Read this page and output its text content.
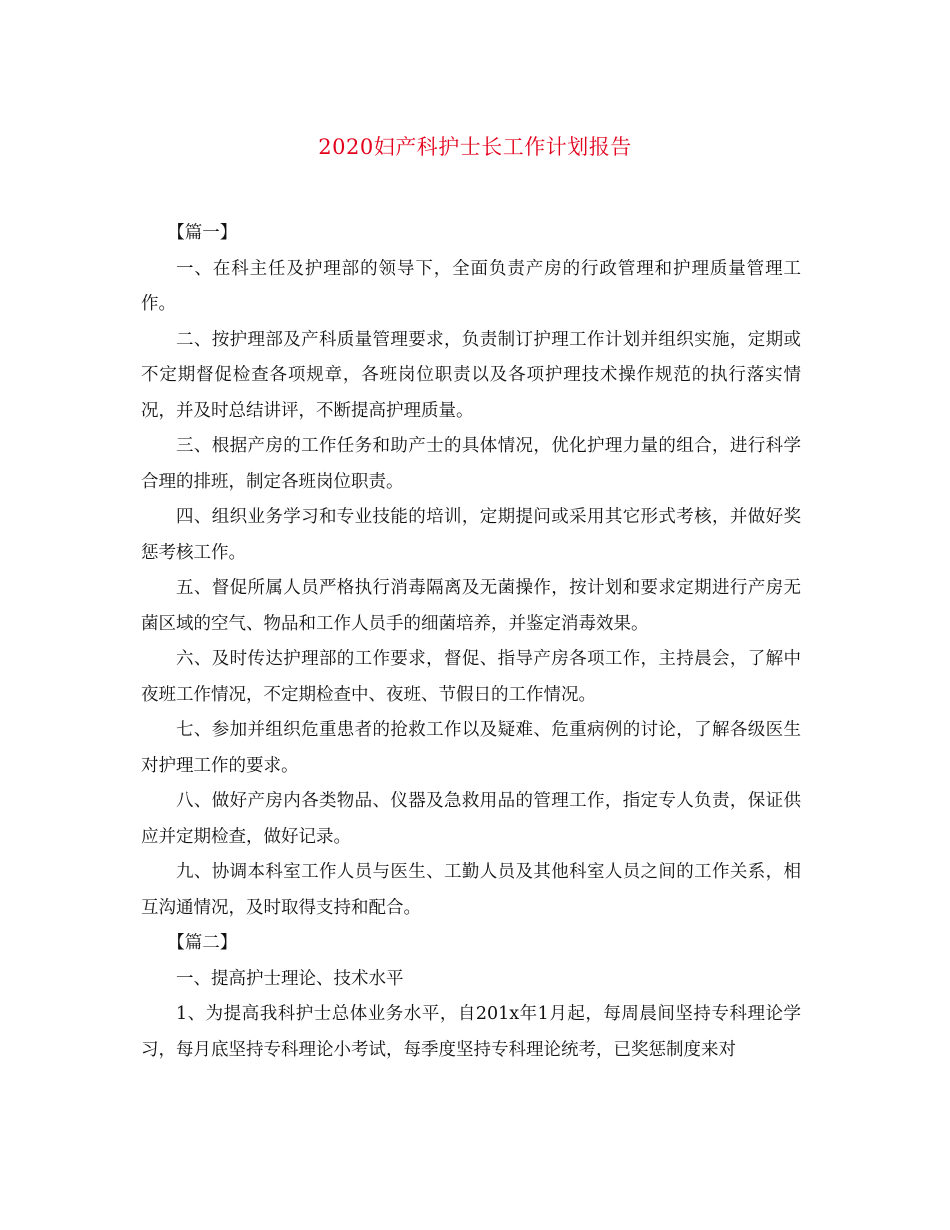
2020妇产科护士长工作计划报告

【篇一】

一、在科主任及护理部的领导下，全面负责产房的行政管理和护理质量管理工作。

二、按护理部及产科质量管理要求，负责制订护理工作计划并组织实施，定期或不定期督促检查各项规章，各班岗位职责以及各项护理技术操作规范的执行落实情况，并及时总结讲评，不断提高护理质量。

三、根据产房的工作任务和助产士的具体情况，优化护理力量的组合，进行科学合理的排班，制定各班岗位职责。

四、组织业务学习和专业技能的培训，定期提问或采用其它形式考核，并做好奖惩考核工作。

五、督促所属人员严格执行消毒隔离及无菌操作，按计划和要求定期进行产房无菌区域的空气、物品和工作人员手的细菌培养，并鉴定消毒效果。

六、及时传达护理部的工作要求，督促、指导产房各项工作，主持晨会，了解中夜班工作情况，不定期检查中、夜班、节假日的工作情况。

七、参加并组织危重患者的抢救工作以及疑难、危重病例的讨论，了解各级医生对护理工作的要求。

八、做好产房内各类物品、仪器及急救用品的管理工作，指定专人负责，保证供应并定期检查，做好记录。

九、协调本科室工作人员与医生、工勤人员及其他科室人员之间的工作关系，相互沟通情况，及时取得支持和配合。

【篇二】

一、提高护士理论、技术水平

1、为提高我科护士总体业务水平，自201x年1月起，每周晨间坚持专科理论学习，每月底坚持专科理论小考试，每季度坚持专科理论统考，已奖惩制度来对
